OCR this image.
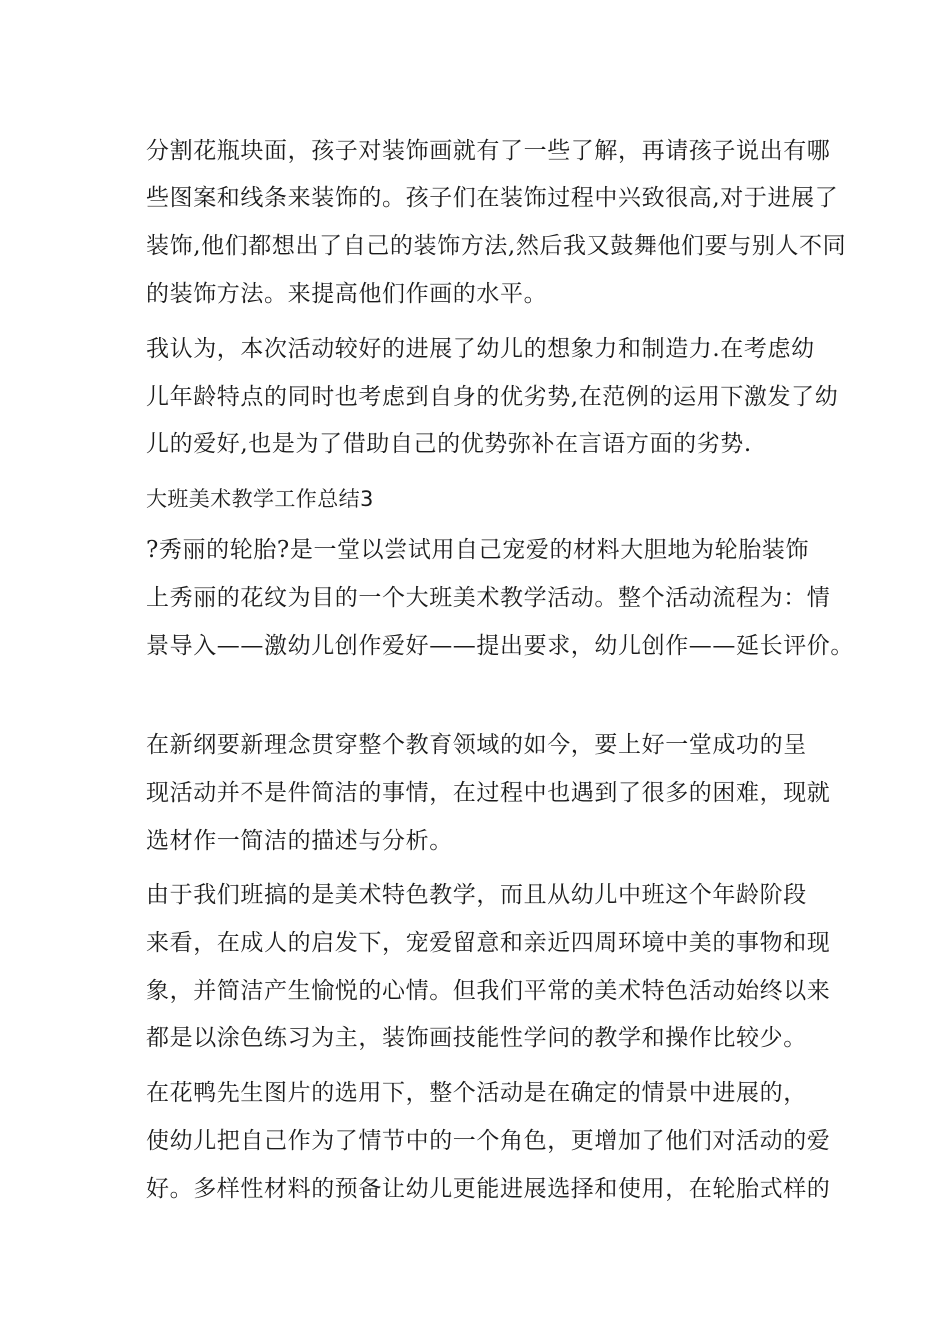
分割花瓶块面，孩子对装饰画就有了一些了解，再请孩子说出有哪
些图案和线条来装饰的。孩子们在装饰过程中兴致很高,对于进展了
装饰,他们都想出了自己的装饰方法,然后我又鼓舞他们要与别人不同
的装饰方法。来提高他们作画的水平。
我认为，本次活动较好的进展了幼儿的想象力和制造力.在考虑幼
儿年龄特点的同时也考虑到自身的优劣势,在范例的运用下激发了幼
儿的爱好,也是为了借助自己的优势弥补在言语方面的劣势.
大班美术教学工作总结3
?秀丽的轮胎?是一堂以尝试用自己宠爱的材料大胆地为轮胎装饰
上秀丽的花纹为目的一个大班美术教学活动。整个活动流程为：情
景导入——激幼儿创作爱好——提出要求，幼儿创作——延长评价。
在新纲要新理念贯穿整个教育领域的如今，要上好一堂成功的呈
现活动并不是件简洁的事情，在过程中也遇到了很多的困难，现就
选材作一简洁的描述与分析。
由于我们班搞的是美术特色教学，而且从幼儿中班这个年龄阶段
来看，在成人的启发下，宠爱留意和亲近四周环境中美的事物和现
象，并简洁产生愉悦的心情。但我们平常的美术特色活动始终以来
都是以涂色练习为主，装饰画技能性学问的教学和操作比较少。
在花鸭先生图片的选用下，整个活动是在确定的情景中进展的，
使幼儿把自己作为了情节中的一个角色，更增加了他们对活动的爱
好。多样性材料的预备让幼儿更能进展选择和使用，在轮胎式样的
